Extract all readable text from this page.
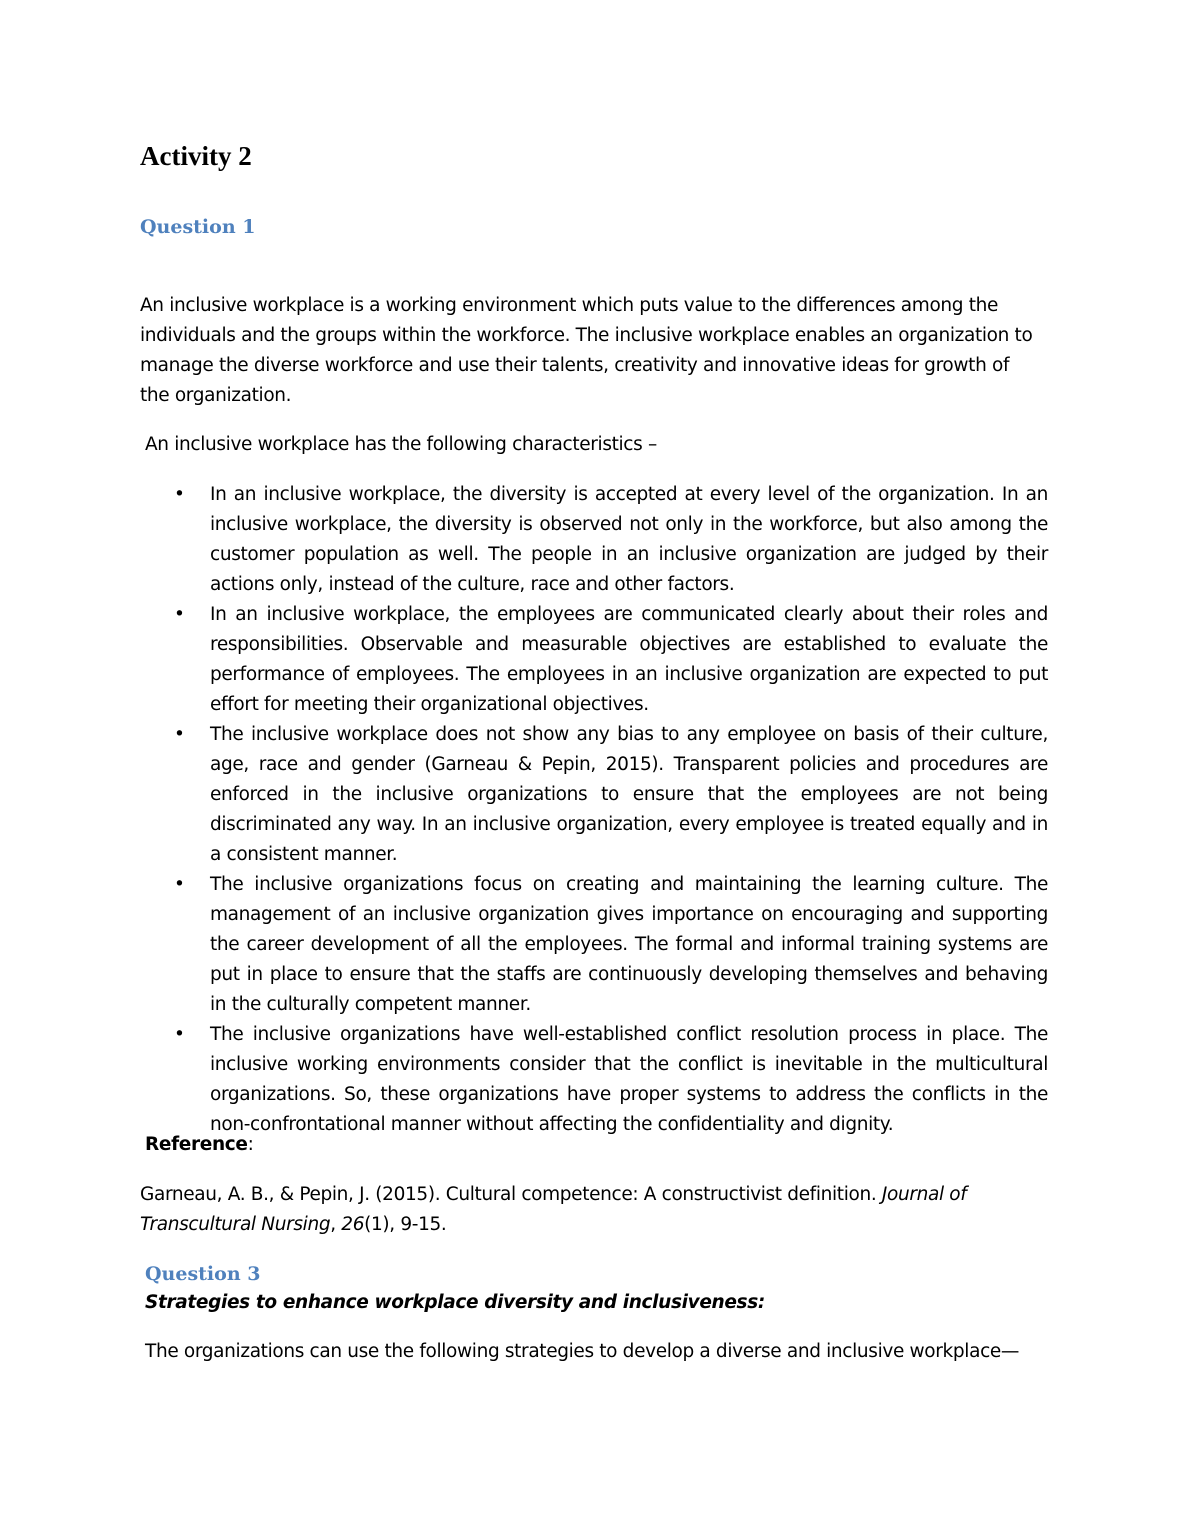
Activity 2
Question 1

An inclusive workplace is a working environment which puts value to the differences among the individuals and the groups within the workforce. The inclusive workplace enables an organization to manage the diverse workforce and use their talents, creativity and innovative ideas for growth of the organization.

An inclusive workplace has the following characteristics –

• In an inclusive workplace, the diversity is accepted at every level of the organization. In an inclusive workplace, the diversity is observed not only in the workforce, but also among the customer population as well. The people in an inclusive organization are judged by their actions only, instead of the culture, race and other factors.
• In an inclusive workplace, the employees are communicated clearly about their roles and responsibilities. Observable and measurable objectives are established to evaluate the performance of employees. The employees in an inclusive organization are expected to put effort for meeting their organizational objectives.
• The inclusive workplace does not show any bias to any employee on basis of their culture, age, race and gender (Garneau & Pepin, 2015). Transparent policies and procedures are enforced in the inclusive organizations to ensure that the employees are not being discriminated any way. In an inclusive organization, every employee is treated equally and in a consistent manner.
• The inclusive organizations focus on creating and maintaining the learning culture. The management of an inclusive organization gives importance on encouraging and supporting the career development of all the employees. The formal and informal training systems are put in place to ensure that the staffs are continuously developing themselves and behaving in the culturally competent manner.
• The inclusive organizations have well-established conflict resolution process in place. The inclusive working environments consider that the conflict is inevitable in the multicultural organizations. So, these organizations have proper systems to address the conflicts in the non-confrontational manner without affecting the confidentiality and dignity.

Reference:

Garneau, A. B., & Pepin, J. (2015). Cultural competence: A constructivist definition. Journal of Transcultural Nursing, 26(1), 9-15.

Question 3

Strategies to enhance workplace diversity and inclusiveness:

The organizations can use the following strategies to develop a diverse and inclusive workplace—
